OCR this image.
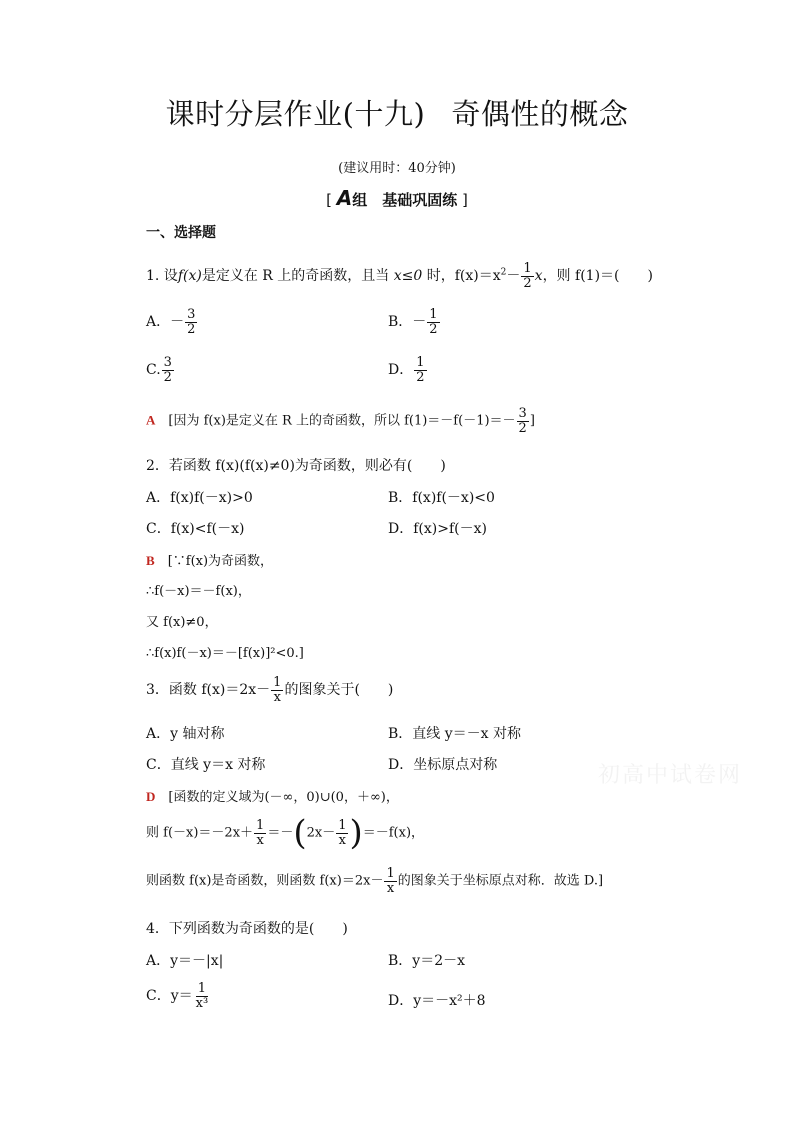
课时分层作业(十九) 奇偶性的概念
(建议用时：40分钟)
[ A组　基础巩固练 ]
一、选择题
1. 设f(x)是定义在 R 上的奇函数，且当 x≤0 时，$f(x)=x^2- \frac{1}{2}$ x，则 f(1)＝(　　)
A．－ $\frac{3}{2}$	B．－ $\frac{1}{2}$
C. $\frac{3}{2}$	D． $\frac{1}{2}$
A　 [因为 f(x)是定义在 R 上的奇函数，所以 $f(1)=-f(-1)=- \frac{3}{2}$ ]
2．若函数 f(x)(f(x)≠0)为奇函数，则必有(　　)
A．f(x)f(－x)>0	B．f(x)f(－x)<0
C．f(x)<f(－x)	D．f(x)>f(－x)
B　 [∵f(x)为奇函数，
∴f(－x)＝－f(x)，
又 f(x)≠0，
∴f(x)f(－x)＝－[f(x)]²<0.]
3．函数 $f(x)=2x- \frac{1}{x}$ 的图象关于(　　)
A．y 轴对称	B．直线 y＝－x 对称
C．直线 y＝x 对称	D．坐标原点对称
D　 [函数的定义域为(－∞，0)∪(0，＋∞)，
则 $f(-x)=-2x+ \frac{1}{x} =-(2x- \frac{1}{x} )=-f(x)$，
则函数 f(x)是奇函数，则函数 $f(x)=2x- \frac{1}{x}$ 的图象关于坐标原点对称．故选 D.]
4．下列函数为奇函数的是(　　)
A．y＝－|x|	B．y＝2－x
C．$y= \frac{1}{\text{x³}}$	D．y＝－x²＋8
初高中试卷网
